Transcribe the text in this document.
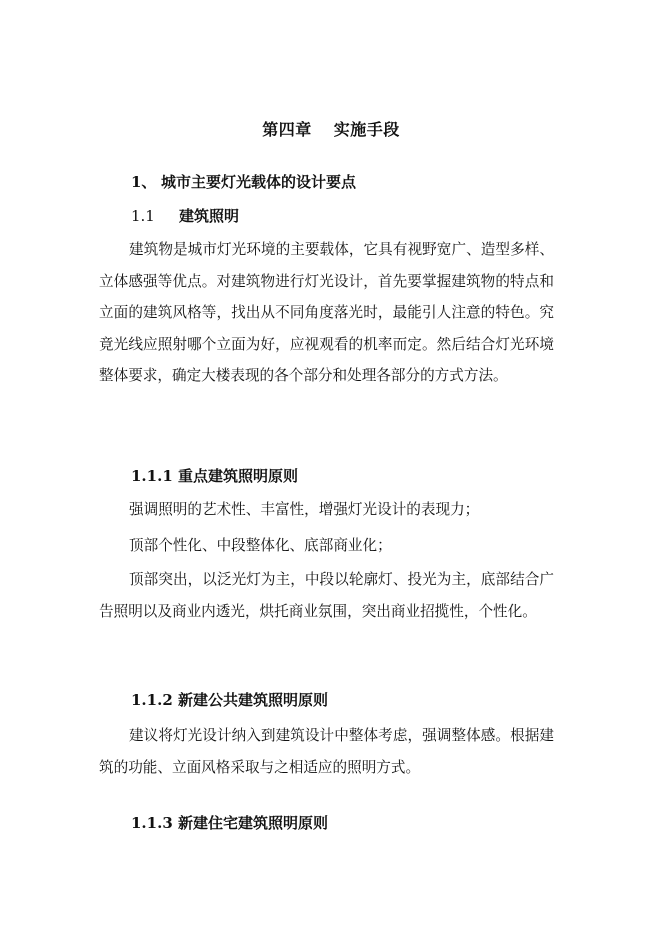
第四章 实施手段
1、 城市主要灯光载体的设计要点
1.1 建筑照明

建筑物是城市灯光环境的主要载体，它具有视野宽广、造型多样、立体感强等优点。对建筑物进行灯光设计，首先要掌握建筑物的特点和立面的建筑风格等，找出从不同角度落光时，最能引人注意的特色。究竟光线应照射哪个立面为好，应视观看的机率而定。然后结合灯光环境整体要求，确定大楼表现的各个部分和处理各部分的方式方法。

1.1.1 重点建筑照明原则

强调照明的艺术性、丰富性，增强灯光设计的表现力；

顶部个性化、中段整体化、底部商业化；

顶部突出，以泛光灯为主，中段以轮廓灯、投光为主，底部结合广告照明以及商业内透光，烘托商业氛围，突出商业招揽性，个性化。

1.1.2 新建公共建筑照明原则

建议将灯光设计纳入到建筑设计中整体考虑，强调整体感。根据建筑的功能、立面风格采取与之相适应的照明方式。

1.1.3 新建住宅建筑照明原则
